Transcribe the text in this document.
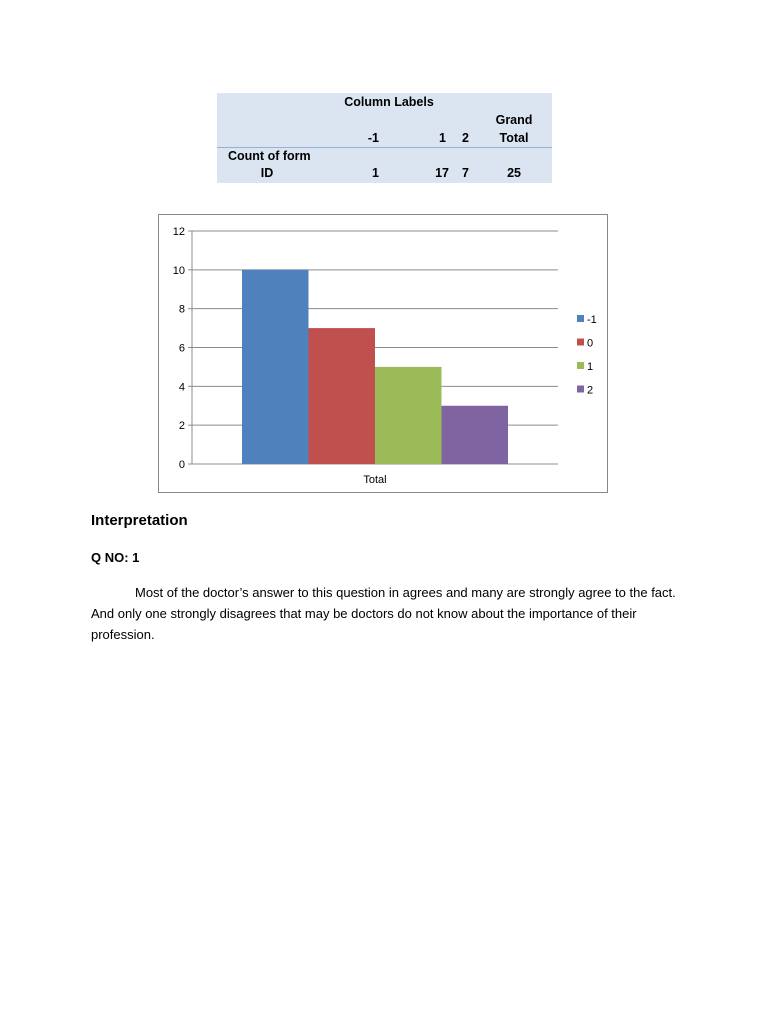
Column Labels
Grand
-1	1	2	Total
Count of form
ID	1	17	7	25
0
2
4
6
8
10
12
Total
-1
0
1
2
Interpretation
Q NO: 1
Most of the doctor’s answer to this question in agrees and many are strongly agree to the fact. And only one strongly disagrees that may be doctors do not know about the importance of their profession.
